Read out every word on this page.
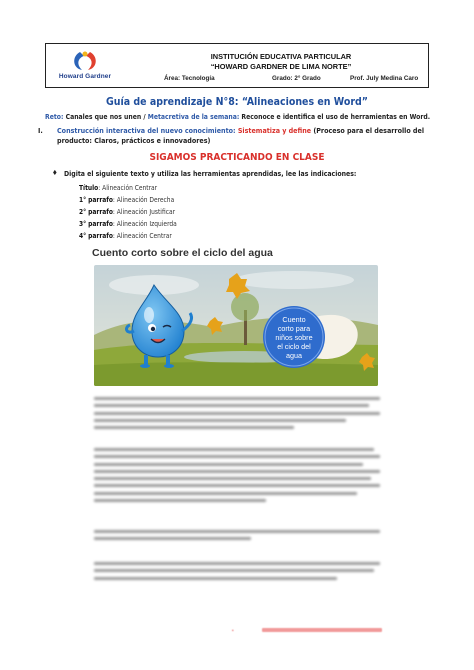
Howard Gardner
INSTITUCIÓN EDUCATIVA PARTICULAR
“HOWARD GARDNER DE LIMA NORTE”
Área: Tecnología	Grado: 2° Grado	Prof. July Medina Caro
Guía de aprendizaje N°8: “Alineaciones en Word”
Reto: Canales que nos unen / Metacretiva de la semana: Reconoce e identifica el uso de herramientas en Word.
I. Construcción interactiva del nuevo conocimiento: Sistematiza y define (Proceso para el desarrollo del producto: Claros, prácticos e innovadores)
SIGAMOS PRACTICANDO EN CLASE
♦ Digita el siguiente texto y utiliza las herramientas aprendidas, lee las indicaciones:
Título: Alineación Centrar
1° parrafo: Alineación Derecha
2° parrafo: Alineación Justificar
3° parrafo: Alineación Izquierda
4° parrafo: Alineación Centrar
Cuento corto sobre el ciclo del agua
Cuento
corto para
niños sobre
el ciclo del
agua
•
